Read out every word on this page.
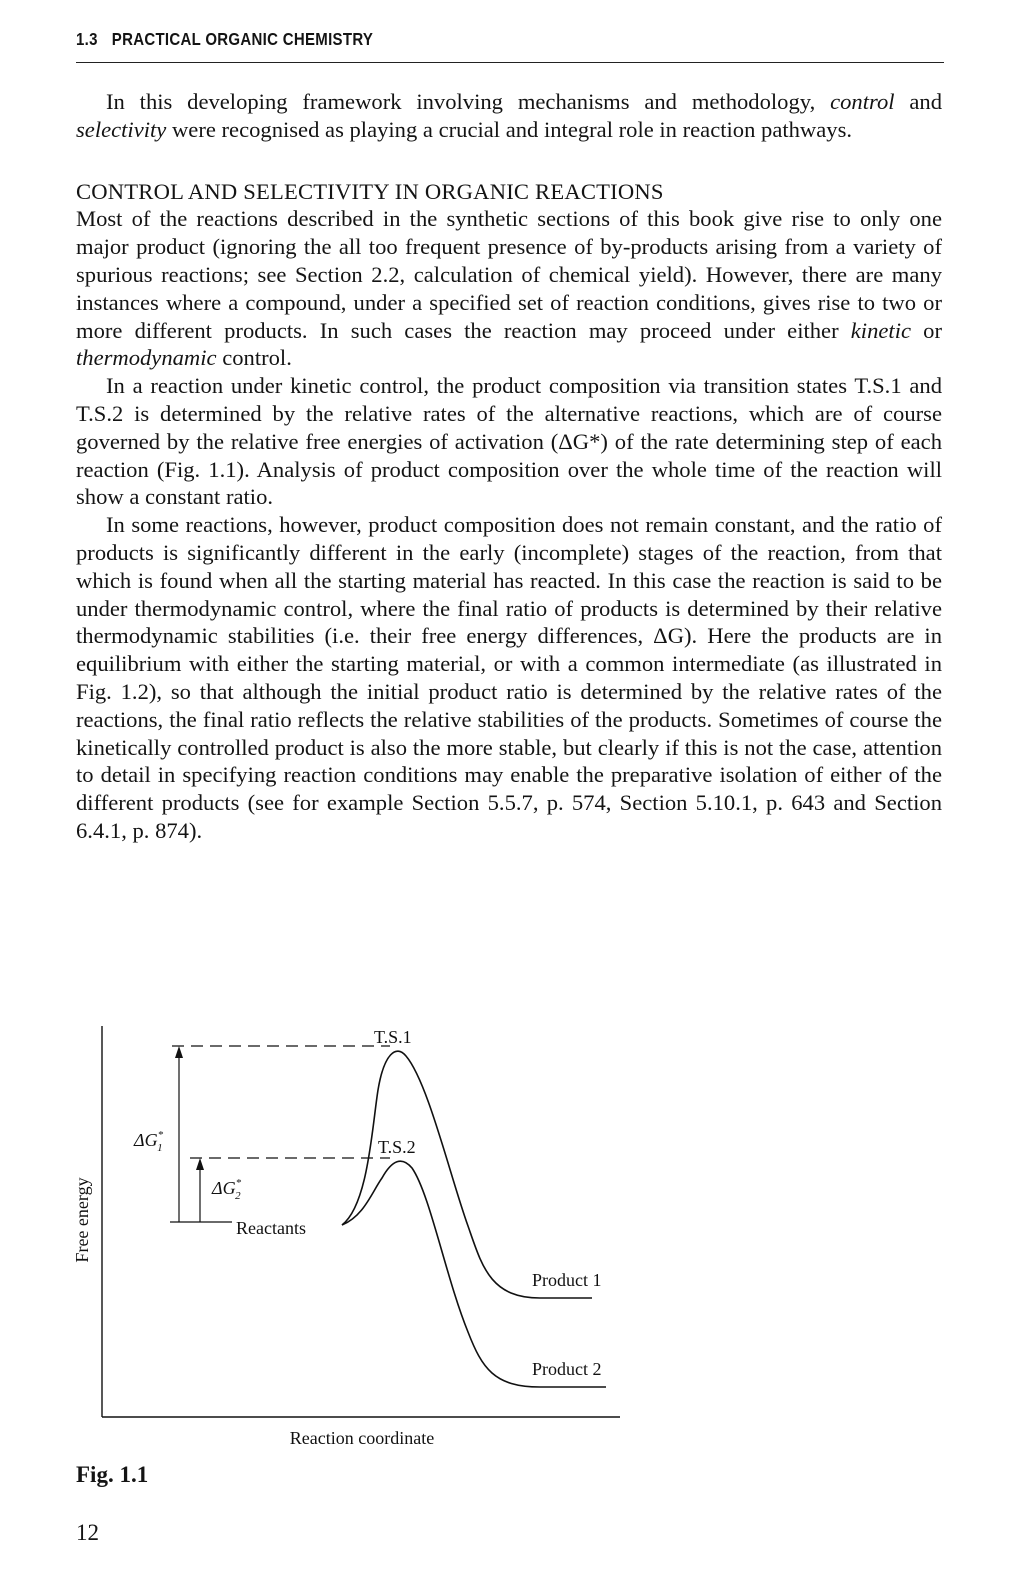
1.3 PRACTICAL ORGANIC CHEMISTRY

In this developing framework involving mechanisms and methodology, control and selectivity were recognised as playing a crucial and integral role in reaction pathways.

CONTROL AND SELECTIVITY IN ORGANIC REACTIONS

Most of the reactions described in the synthetic sections of this book give rise to only one major product (ignoring the all too frequent presence of by-products arising from a variety of spurious reactions; see Section 2.2, calculation of chemical yield). However, there are many instances where a compound, under a specified set of reaction conditions, gives rise to two or more different products. In such cases the reaction may proceed under either kinetic or thermodynamic control.

In a reaction under kinetic control, the product composition via transition states T.S.1 and T.S.2 is determined by the relative rates of the alternative reactions, which are of course governed by the relative free energies of activation (ΔG*) of the rate determining step of each reaction (Fig. 1.1). Analysis of product composition over the whole time of the reaction will show a constant ratio.

In some reactions, however, product composition does not remain constant, and the ratio of products is significantly different in the early (incomplete) stages of the reaction, from that which is found when all the starting material has reacted. In this case the reaction is said to be under thermodynamic control, where the final ratio of products is determined by their relative thermodynamic stabilities (i.e. their free energy differences, ΔG). Here the products are in equilibrium with either the starting material, or with a common intermediate (as illustrated in Fig. 1.2), so that although the initial product ratio is determined by the relative rates of the reactions, the final ratio reflects the relative stabilities of the products. Sometimes of course the kinetically controlled product is also the more stable, but clearly if this is not the case, attention to detail in specifying reaction conditions may enable the preparative isolation of either of the different products (see for example Section 5.5.7, p. 574, Section 5.10.1, p. 643 and Section 6.4.1, p. 874).

Free energy
Reaction coordinate
T.S.1
T.S.2
ΔG* 1
ΔG* 2
Reactants
Product 1
Product 2
Fig. 1.1
12
